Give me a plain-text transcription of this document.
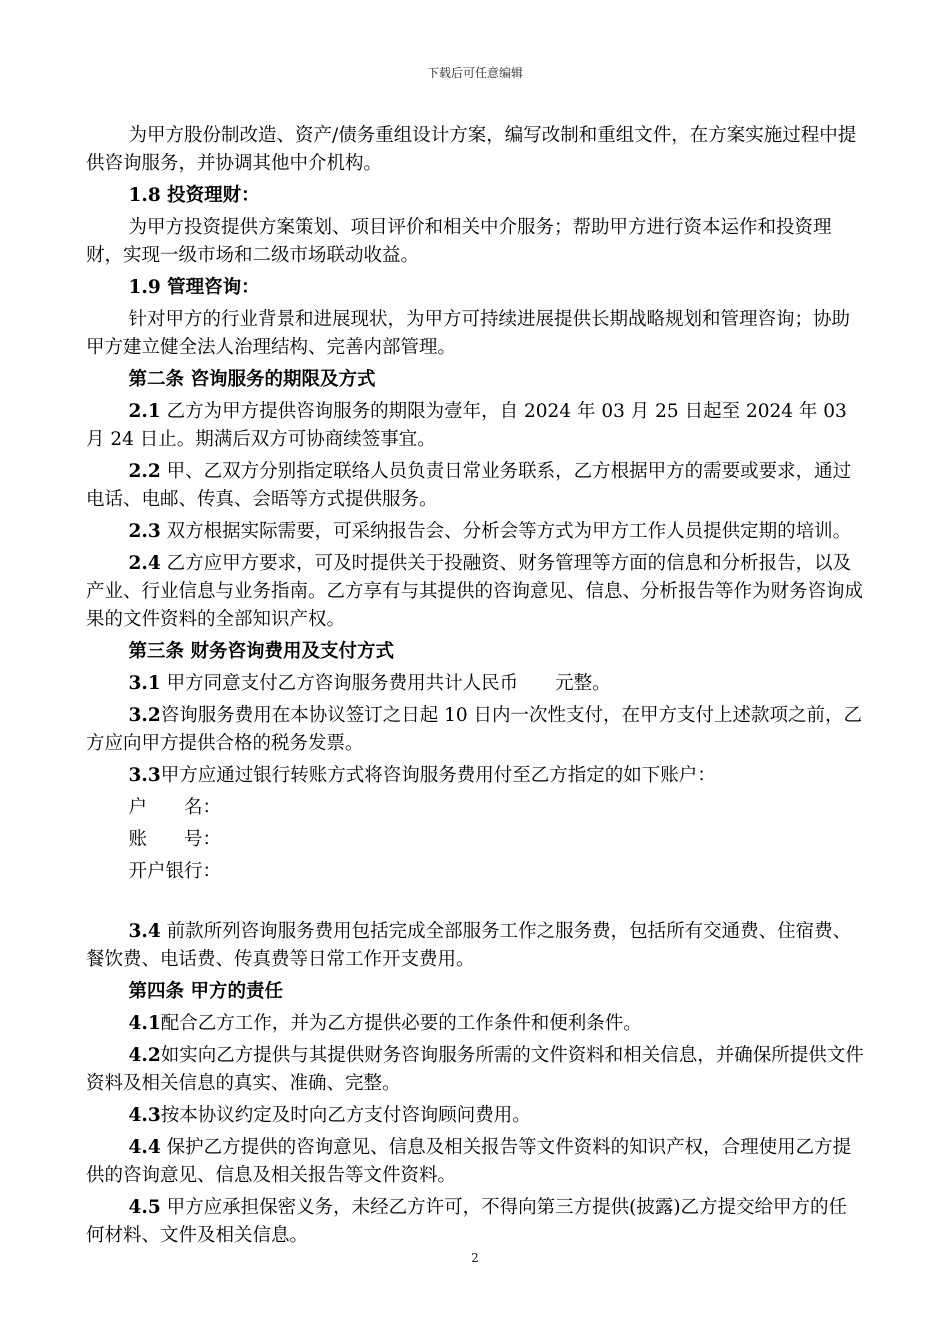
下载后可任意编辑

为甲方股份制改造、资产/债务重组设计方案，编写改制和重组文件，在方案实施过程中提供咨询服务，并协调其他中介机构。

1.8 投资理财：

为甲方投资提供方案策划、项目评价和相关中介服务；帮助甲方进行资本运作和投资理财，实现一级市场和二级市场联动收益。

1.9 管理咨询：

针对甲方的行业背景和进展现状，为甲方可持续进展提供长期战略规划和管理咨询；协助甲方建立健全法人治理结构、完善内部管理。

第二条 咨询服务的期限及方式

2.1 乙方为甲方提供咨询服务的期限为壹年，自 2024 年 03 月 25 日起至 2024 年 03 月 24 日止。期满后双方可协商续签事宜。

2.2 甲、乙双方分别指定联络人员负责日常业务联系，乙方根据甲方的需要或要求，通过电话、电邮、传真、会晤等方式提供服务。

2.3 双方根据实际需要，可采纳报告会、分析会等方式为甲方工作人员提供定期的培训。

2.4 乙方应甲方要求，可及时提供关于投融资、财务管理等方面的信息和分析报告，以及产业、行业信息与业务指南。乙方享有与其提供的咨询意见、信息、分析报告等作为财务咨询成果的文件资料的全部知识产权。

第三条 财务咨询费用及支付方式

3.1 甲方同意支付乙方咨询服务费用共计人民币　　元整。

3.2咨询服务费用在本协议签订之日起 10 日内一次性支付，在甲方支付上述款项之前，乙方应向甲方提供合格的税务发票。

3.3甲方应通过银行转账方式将咨询服务费用付至乙方指定的如下账户：

户　　名：

账　　号：

开户银行：

3.4 前款所列咨询服务费用包括完成全部服务工作之服务费，包括所有交通费、住宿费、餐饮费、电话费、传真费等日常工作开支费用。

第四条 甲方的责任

4.1配合乙方工作，并为乙方提供必要的工作条件和便利条件。

4.2如实向乙方提供与其提供财务咨询服务所需的文件资料和相关信息，并确保所提供文件资料及相关信息的真实、准确、完整。

4.3按本协议约定及时向乙方支付咨询顾问费用。

4.4 保护乙方提供的咨询意见、信息及相关报告等文件资料的知识产权，合理使用乙方提供的咨询意见、信息及相关报告等文件资料。

4.5 甲方应承担保密义务，未经乙方许可，不得向第三方提供(披露)乙方提交给甲方的任何材料、文件及相关信息。

2
